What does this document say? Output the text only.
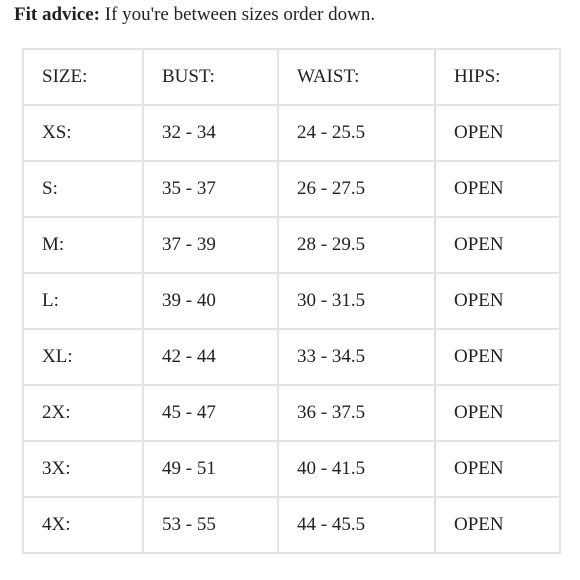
Fit advice: If you're between sizes order down.
SIZE:	BUST:	WAIST:	HIPS:
XS:	32 - 34	24 - 25.5	OPEN
S:	35 - 37	26 - 27.5	OPEN
M:	37 - 39	28 - 29.5	OPEN
L:	39 - 40	30 - 31.5	OPEN
XL:	42 - 44	33 - 34.5	OPEN
2X:	45 - 47	36 - 37.5	OPEN
3X:	49 - 51	40 - 41.5	OPEN
4X:	53 - 55	44 - 45.5	OPEN
